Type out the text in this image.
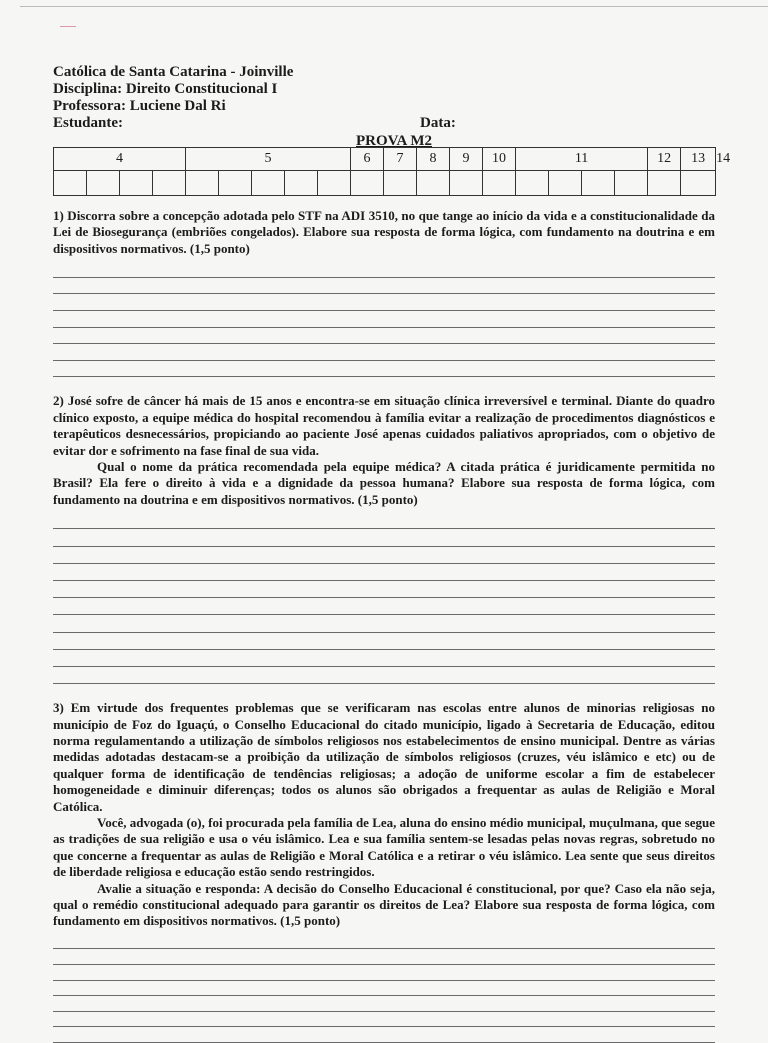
Católica de Santa Catarina - Joinville
Disciplina: Direito Constitucional I
Professora: Luciene Dal Ri
Estudante:	Data:
PROVA M2
4				5					6	7	8	9	10	11				12	13	14

1) Discorra sobre a concepção adotada pelo STF na ADI 3510, no que tange ao início da vida e a constitucionalidade da Lei de Biosegurança (embriões congelados). Elabore sua resposta de forma lógica, com fundamento na doutrina e em dispositivos normativos. (1,5 ponto)

2) José sofre de câncer há mais de 15 anos e encontra-se em situação clínica irreversível e terminal. Diante do quadro clínico exposto, a equipe médica do hospital recomendou à família evitar a realização de procedimentos diagnósticos e terapêuticos desnecessários, propiciando ao paciente José apenas cuidados paliativos apropriados, com o objetivo de evitar dor e sofrimento na fase final de sua vida.

Qual o nome da prática recomendada pela equipe médica? A citada prática é juridicamente permitida no Brasil? Ela fere o direito à vida e a dignidade da pessoa humana? Elabore sua resposta de forma lógica, com fundamento na doutrina e em dispositivos normativos. (1,5 ponto)

3) Em virtude dos frequentes problemas que se verificaram nas escolas entre alunos de minorias religiosas no município de Foz do Iguaçú, o Conselho Educacional do citado município, ligado à Secretaria de Educação, editou norma regulamentando a utilização de símbolos religiosos nos estabelecimentos de ensino municipal. Dentre as várias medidas adotadas destacam-se a proibição da utilização de símbolos religiosos (cruzes, véu islâmico e etc) ou de qualquer forma de identificação de tendências religiosas; a adoção de uniforme escolar a fim de estabelecer homogeneidade e diminuir diferenças; todos os alunos são obrigados a frequentar as aulas de Religião e Moral Católica.

Você, advogada (o), foi procurada pela família de Lea, aluna do ensino médio municipal, muçulmana, que segue as tradições de sua religião e usa o véu islâmico. Lea e sua família sentem-se lesadas pelas novas regras, sobretudo no que concerne a frequentar as aulas de Religião e Moral Católica e a retirar o véu islâmico. Lea sente que seus direitos de liberdade religiosa e educação estão sendo restringidos.

Avalie a situação e responda: A decisão do Conselho Educacional é constitucional, por que? Caso ela não seja, qual o remédio constitucional adequado para garantir os direitos de Lea? Elabore sua resposta de forma lógica, com fundamento em dispositivos normativos. (1,5 ponto)
